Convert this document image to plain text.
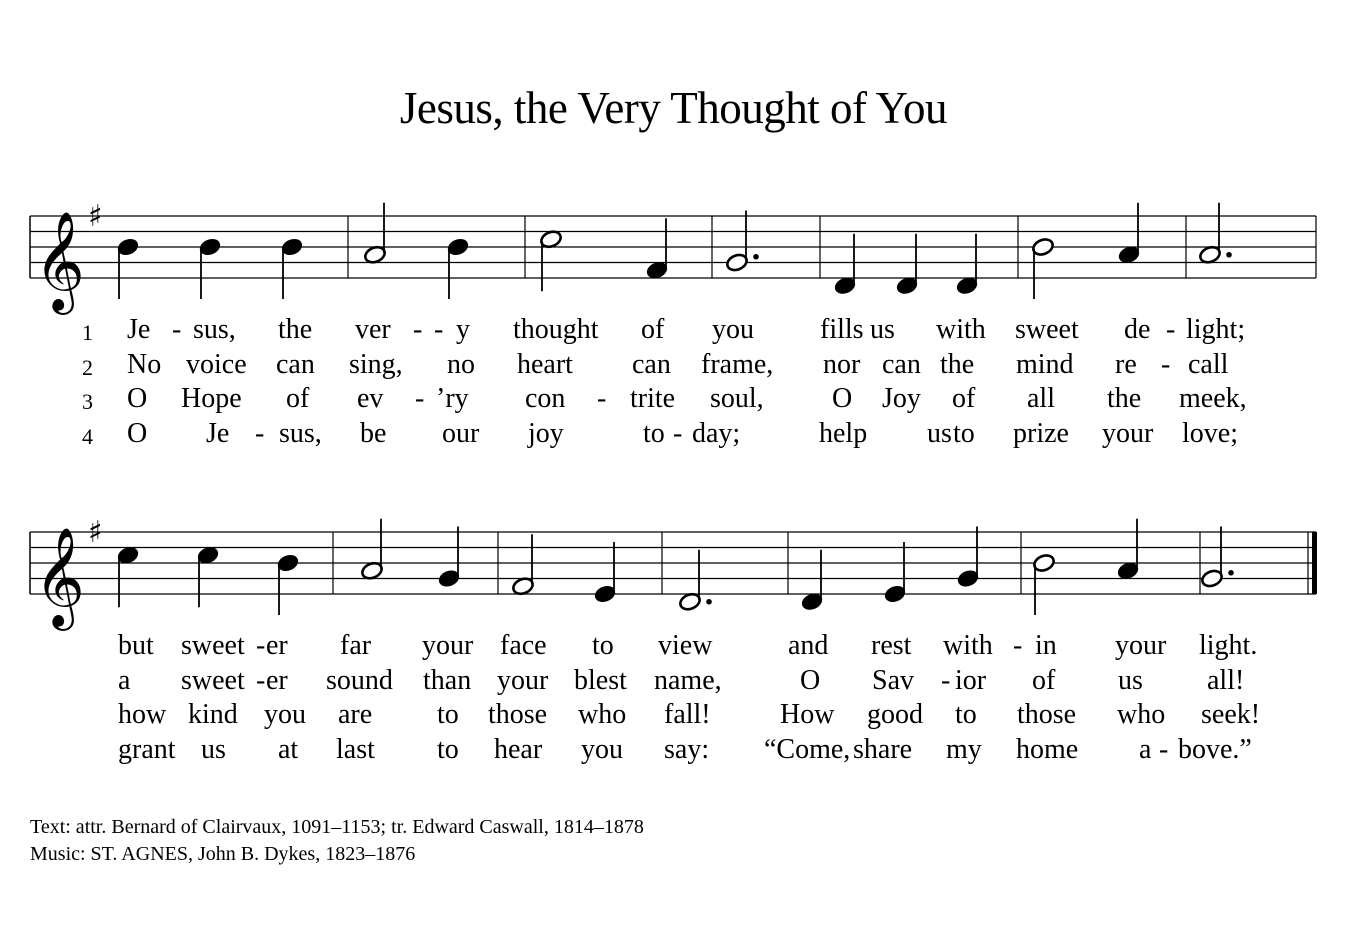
Jesus, the Very Thought of You
𝄞 ♯
𝄞 ♯
1 Je - sus, the ver - - y thought of you fills us with sweet de - light;
2 No voice can sing, no heart can frame, nor can the mind re - call
3 O Hope of ev - ’ry con - trite soul, O Joy of all the meek,
4 O Je - sus, be our joy	to - day;	help us to prize your love;
but sweet - er far your face to view	and rest with - in your light.
a sweet - er sound than your blest name,	O Sav - ior of us all!
how kind you are to those who fall! How good to those who seek!
grant us at last to hear you say: “Come, share my home a - bove.”
Text: attr. Bernard of Clairvaux, 1091–1153; tr. Edward Caswall, 1814–1878
Music: ST. AGNES, John B. Dykes, 1823–1876
